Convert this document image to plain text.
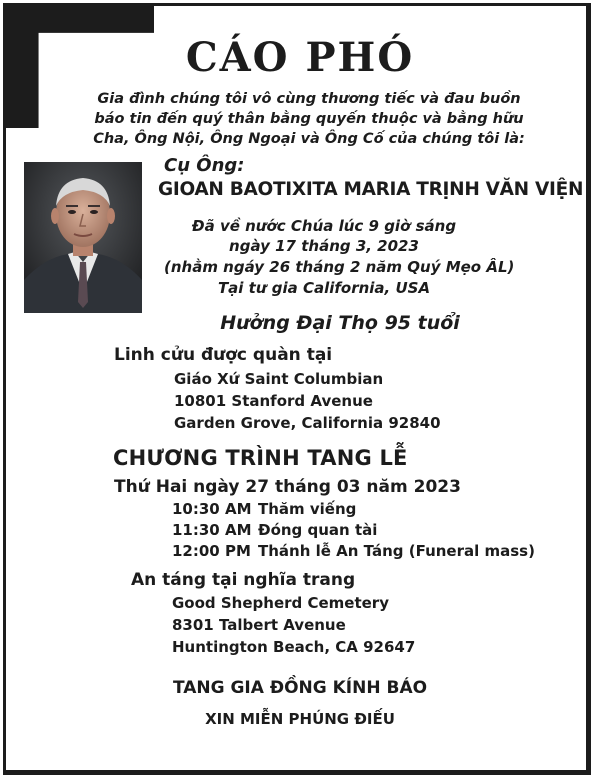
CÁO PHÓ
Gia đình chúng tôi vô cùng thương tiếc và đau buồn
báo tin đến quý thân bằng quyến thuộc và bằng hữu
Cha, Ông Nội, Ông Ngoại và Ông Cố của chúng tôi là:
Cụ Ông:
GIOAN BAOTIXITA MARIA TRỊNH VĂN VIỆN
Đã về nước Chúa lúc 9 giờ sáng
ngày 17 tháng 3, 2023
(nhằm ngáy 26 tháng 2 năm Quý Mẹo ÂL)
Tại tư gia California, USA
Hưởng Đại Thọ 95 tuổi
Linh cửu được quàn tại
Giáo Xứ Saint Columbian
10801 Stanford Avenue
Garden Grove, California 92840
CHƯƠNG TRÌNH TANG LỄ
Thứ Hai ngày 27 tháng 03 năm 2023
10:30 AM Thăm viếng
11:30 AM Đóng quan tài
12:00 PM Thánh lễ An Táng (Funeral mass)
An táng tại nghĩa trang
Good Shepherd Cemetery
8301 Talbert Avenue
Huntington Beach, CA 92647
TANG GIA ĐỒNG KÍNH BÁO
XIN MIỄN PHÚNG ĐIẾU
